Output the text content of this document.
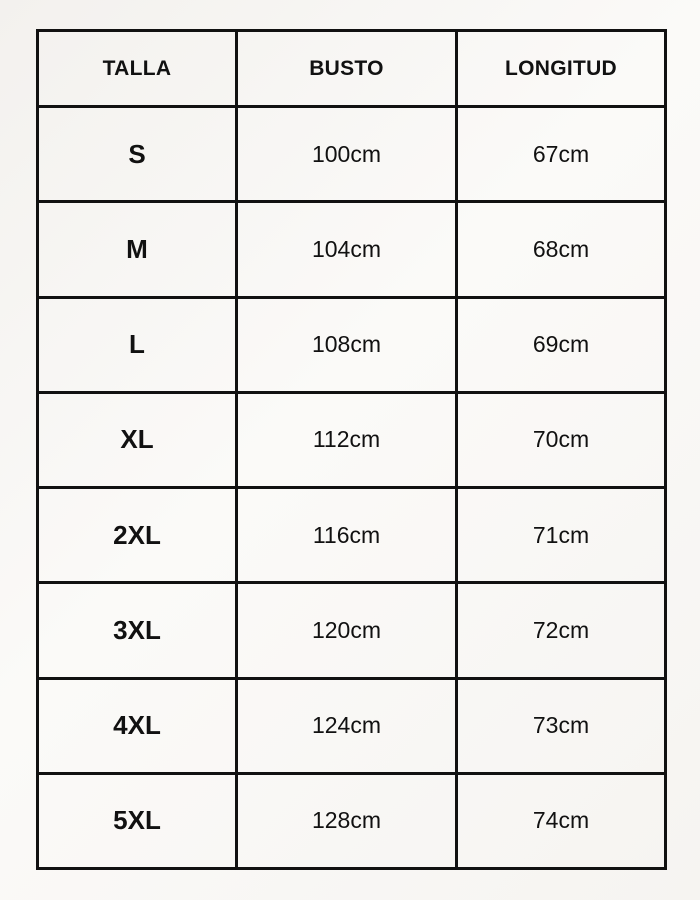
TALLA	BUSTO	LONGITUD
S	100cm	67cm
M	104cm	68cm
L	108cm	69cm
XL	112cm	70cm
2XL	116cm	71cm
3XL	120cm	72cm
4XL	124cm	73cm
5XL	128cm	74cm
